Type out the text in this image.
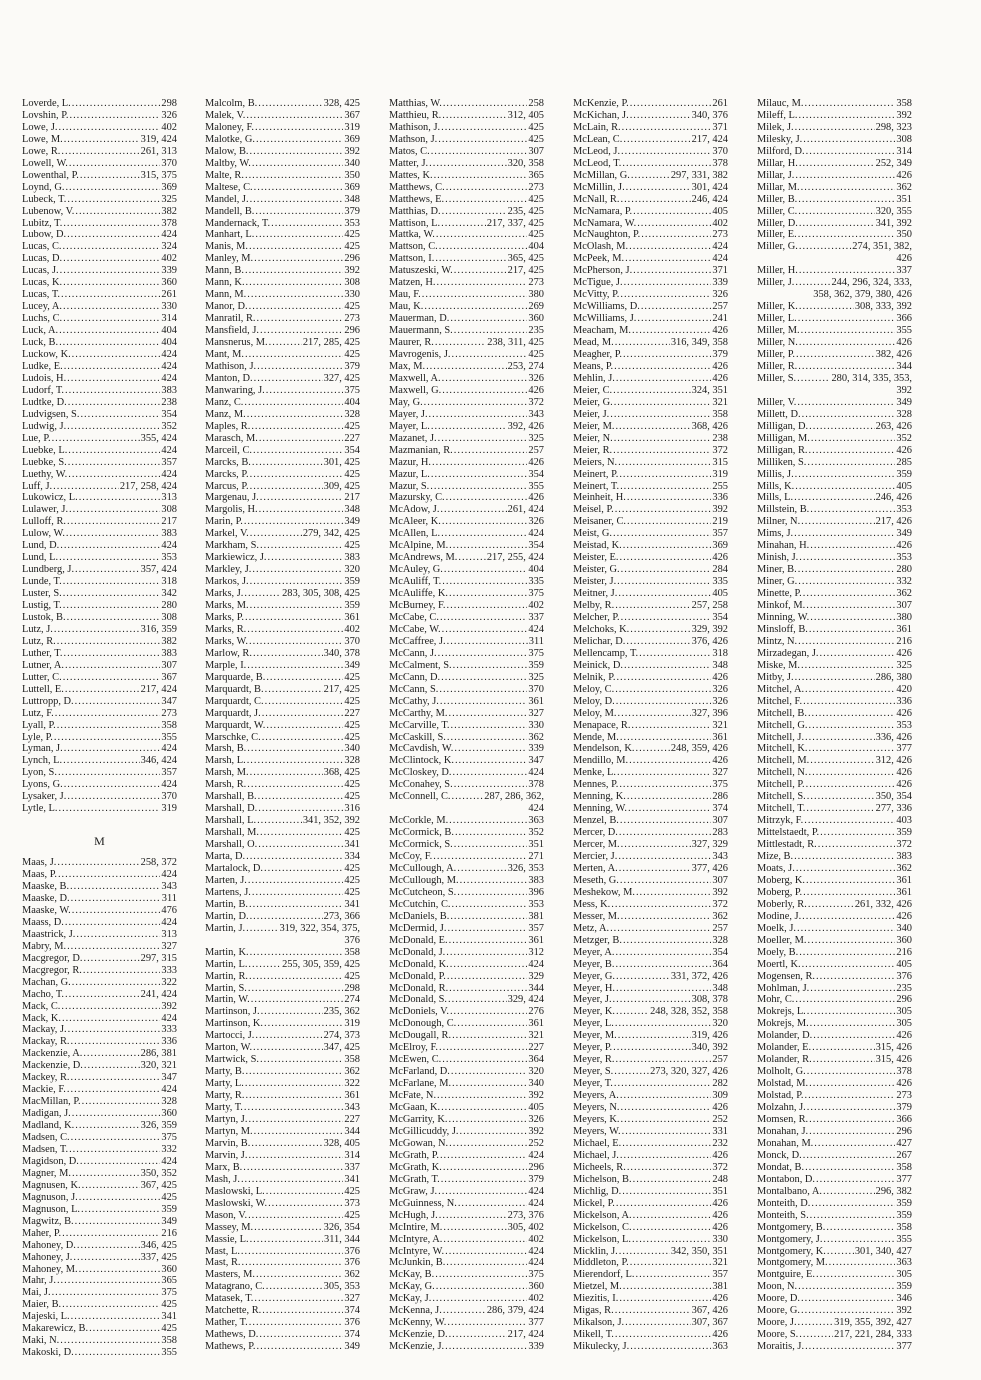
Loverde, L.
.....	298
Lovshin, P.
.....	326
Lowe, J.
.....	402
Lowe, M.
.....	319, 424
Lowe, R.
.....	261, 313
Lowell, W.
.....	370
Lowenthal, P.
.....	315, 375
Loynd, G.
.....	369
Lubeck, T.
.....	325
Lubenow, V.
.....	382
Lubitz, T.
.....	378
Lubow, D.
.....	424
Lucas, C.
.....	324
Lucas, D.
.....	402
Lucas, J.
.....	339
Lucas, K.
.....	360
Lucas, T.
.....	261
Lucey, A.
.....	330
Luchs, C.
.....	314
Luck, A.
.....	404
Luck, B.
.....	404
Luckow, K.
.....	424
Ludke, E.
.....	424
Ludois, H.
.....	424
Ludorf, T.
.....	383
Ludtke, D.
.....	238
Ludvigsen, S.
.....	354
Ludwig, J.
.....	352
Lue, P.
.....	355, 424
Luebke, L.
.....	424
Luebke, S.
.....	357
Luethy, W.
.....	424
Luff, J.
.....	217, 258, 424
Lukowicz, L.
.....	313
Lulawer, J.
.....	308
Lulloff, R.
.....	217
Lulow, W.
.....	383
Lund, D.
.....	424
Lund, L.
.....	353
Lundberg, J.
.....	357, 424
Lunde, T.
.....	318
Luster, S.
.....	342
Lustig, T.
.....	280
Lustok, B.
.....	308
Lutz, J.
.....	316, 359
Lutz, R.
.....	382
Luther, T.
.....	383
Lutner, A.
.....	307
Lutter, C.
.....	367
Luttell, E.
.....	217, 424
Luttropp, D.
.....	347
Lutz, F.
.....	273
Lyall, P.
.....	358
Lyle, P.
.....	355
Lyman, J.
.....	424
Lynch, L.
.....	346, 424
Lyon, S.
.....	357
Lyons, G.
.....	424
Lysaker, J.
.....	370
Lytle, L.
.....	319
M
Maas, J.
.....	258, 372
Maas, P.
.....	424
Maaske, B.
.....	343
Maaske, D.
.....	311
Maaske, W.
.....	476
Maass, D.
.....	424
Maastrick, J.
.....	313
Mabry, M.
.....	327
Macgregor, D.
.....	297, 315
Macgregor, R.
.....	333
Machan, G.
.....	322
Macho, T.
.....	241, 424
Mack, C.
.....	392
Mack, K.
.....	424
Mackay, J.
.....	333
Mackay, R.
.....	336
Mackenzie, A.
.....	286, 381
Mackenzie, D.
.....	320, 321
Mackey, R.
.....	347
Mackie, F.
.....	424
MacMillan, P.
.....	328
Madigan, J.
.....	360
Madland, K.
.....	326, 359
Madsen, C.
.....	375
Madsen, T.
.....	332
Magidson, D.
.....	424
Magner, M.
.....	350, 352
Magnusen, K.
.....	367, 425
Magnuson, J.
.....	425
Magnuson, L.
.....	359
Magwitz, B.
.....	349
Maher, P.
.....	216
Mahoney, D.
.....	346, 425
Mahoney, J.
.....	337, 425
Mahoney, M.
.....	360
Mahr, J.
.....	365
Mai, J.
.....	375
Maier, B.
.....	425
Majeski, L.
.....	341
Makarewicz, B.
.....	425
Maki, N.
.....	358
Makoski, D.
.....	355
Malcolm, B.
.....	328, 425
Malek, V.
.....	367
Maloney, F.
.....	319
Malotke, G.
.....	369
Malow, B.
.....	392
Maltby, W.
.....	340
Malte, R.
.....	350
Maltese, C.
.....	369
Mandel, J.
.....	348
Mandell, B.
.....	379
Mandernack, T.
.....	353
Manhart, L.
.....	425
Manis, M.
.....	425
Manley, M.
.....	296
Mann, B.
.....	392
Mann, K.
.....	308
Mann, M.
.....	330
Manor, D.
.....	425
Manratil, R.
.....	273
Mansfield, J.
.....	296
Mansnerus, M.
.....	217, 285, 425
Mant, M.
.....	425
Mathison, J.
.....	379
Manton, D.
.....	327, 425
Manwaring, J.
.....	375
Manz, C.
.....	404
Manz, M.
.....	328
Maples, R.
.....	425
Marasch, M.
.....	227
Marceil, C.
.....	354
Marcks, B.
.....	301, 425
Marcks, P.
.....	425
Marcus, P.
.....	309, 425
Margenau, J.
.....	217
Margolis, H.
.....	348
Marin, P.
.....	349
Markel, V.
.....	279, 342, 425
Markham, S.
.....	425
Markiewicz, J.
.....	383
Markley, J.
.....	320
Markos, J.
.....	359
Marks, J.
.....	283, 305, 308, 425
Marks, M.
.....	359
Marks, P.
.....	361
Marks, R.
.....	402
Marks, W.
.....	370
Marlow, R.
.....	340, 378
Marple, I.
.....	349
Marquarde, B.
.....	425
Marquardt, B.
.....	217, 425
Marquardt, C.
.....	425
Marquardt, J.
.....	227
Marquardt, W.
.....	425
Marschke, C.
.....	425
Marsh, B.
.....	340
Marsh, L.
.....	328
Marsh, M.
.....	368, 425
Marsh, R.
.....	425
Marshall, B.
.....	425
Marshall, D.
.....	316
Marshall, L.
.....	341, 352, 392
Marshall, M.
.....	425
Marshall, O.
.....	341
Marta, D.
.....	334
Martalock, D.
.....	425
Marten, J.
.....	425
Martens, J.
.....	425
Martin, B.
.....	341
Martin, D.
.....	273, 366
Martin, J.
.....	319, 322, 354, 375,
376
Martin, K.
.....	358
Martin, L.
.....	255, 305, 359, 425
Martin, R.
.....	425
Martin, S.
.....	298
Martin, W.
.....	274
Martinson, J.
.....	235, 362
Martinson, K.
.....	319
Martocci, J.
.....	274, 373
Marton, W.
.....	347, 425
Martwick, S.
.....	358
Marty, B.
.....	362
Marty, L.
.....	322
Marty, R.
.....	361
Marty, T.
.....	343
Martyn, J.
.....	227
Martyn, M.
.....	344
Marvin, B.
.....	328, 405
Marvin, J.
.....	314
Marx, B.
.....	337
Mash, J.
.....	341
Maslowski, L.
.....	425
Maslowski, W.
.....	373
Mason, V.
.....	425
Massey, M.
.....	326, 354
Massie, L.
.....	311, 344
Mast, L.
.....	376
Mast, R.
.....	376
Masters, M.
.....	362
Matagrano, C.
.....	305, 353
Matasek, T.
.....	327
Matchette, R.
.....	374
Mather, T.
.....	376
Mathews, D.
.....	374
Mathews, P.
.....	349
Matthias, W.
.....	258
Matthieu, R.
.....	312, 405
Mathison, J.
.....	425
Mathson, J.
.....	425
Matos, C.
.....	307
Matter, J.
.....	320, 358
Mattes, K.
.....	365
Matthews, C.
.....	273
Matthews, E.
.....	425
Matthias, D.
.....	235, 425
Mattison, L.
.....	217, 337, 425
Mattka, W.
.....	425
Mattson, C.
.....	404
Mattson, I.
.....	365, 425
Matuszeski, W.
.....	217, 425
Matzen, H.
.....	273
Mau, F.
.....	380
Mau, K.
.....	269
Mauerman, D.
.....	360
Mauermann, S.
.....	235
Maurer, R.
.....	238, 311, 425
Mavrogenis, J.
.....	425
Max, M.
.....	253, 274
Maxwell, A.
.....	326
Maxwell, G.
.....	426
May, G.
.....	372
Mayer, J.
.....	343
Mayer, L.
.....	392, 426
Mazanet, J.
.....	325
Mazmanian, R.
.....	257
Mazur, H.
.....	426
Mazur, L.
.....	354
Mazur, S.
.....	355
Mazursky, C.
.....	426
McAdow, J.
.....	261, 424
McAleer, K.
.....	326
McAllen, L.
.....	424
McAlpine, M.
.....	354
McAndrews, M.
.....	217, 255, 424
McAuley, G.
.....	404
McAuliff, T.
.....	335
McAuliffe, K.
.....	375
McBurney, F.
.....	402
McCabe, C.
.....	337
McCabe, W.
.....	424
McCaffree, J.
.....	311
McCann, J.
.....	375
McCalment, S.
.....	359
McCann, D.
.....	325
McCann, S.
.....	370
McCathy, J.
.....	361
McCarthy, M.
.....	327
McCarville, T.
.....	330
McCaskill, S.
.....	362
McCavdish, W.
.....	339
McClintock, K.
.....	347
McCloskey, D.
.....	424
McConahey, S.
.....	378
McConnell, C.
.....	287, 286, 362,
424
McCorkle, M.
.....	363
McCormick, B.
.....	352
McCormick, S.
.....	351
McCoy, F.
.....	271
McCullough, A.
.....	326, 353
McCullough, M.
.....	383
McCutcheon, S.
.....	396
McCutchin, C.
.....	353
McDaniels, B.
.....	381
McDermid, J.
.....	357
McDonald, E.
.....	361
McDonald, J.
.....	312
McDonald, K.
.....	424
McDonald, P.
.....	329
McDonald, R.
.....	344
McDonald, S.
.....	329, 424
McDoniels, V.
.....	276
McDonough, C.
.....	361
McDougall, R.
.....	321
McElroy, F.
.....	227
McEwen, C.
.....	364
McFarland, D.
.....	320
McFarlane, M.
.....	340
McFate, N.
.....	392
McGaan, K.
.....	405
McGarrity, K.
.....	326
McGillicuddy, J.
.....	392
McGowan, N.
.....	252
McGrath, P.
.....	424
McGrath, K.
.....	296
McGrath, T.
.....	379
McGraw, J.
.....	424
McGuinness, N.
.....	424
McHugh, J.
.....	273, 376
McIntire, M.
.....	305, 402
McIntyre, A.
.....	402
McIntyre, W.
.....	424
McJunkin, B.
.....	424
McKay, B.
.....	375
McKay, G.
.....	360
McKay, J.
.....	402
McKenna, J.
.....	286, 379, 424
McKenny, W.
.....	377
McKenzie, D.
.....	217, 424
McKenzie, J.
.....	339
McKenzie, P.
.....	261
McKichan, J.
.....	340, 376
McLain, R.
.....	371
McLean, C.
.....	217, 424
McLeod, J.
.....	370
McLeod, T.
.....	378
McMillan, G.
.....	297, 331, 382
McMillin, J.
.....	301, 424
McNall, R.
.....	246, 424
McNamara, P.
.....	405
McNamara, W.
.....	402
McNaughton, P.
.....	273
McOlash, M.
.....	424
McPeek, M.
.....	424
McPherson, J.
.....	371
McTigue, J.
.....	339
McVitty, P.
.....	326
McWilliams, D.
.....	257
McWilliams, J.
.....	241
Meacham, M.
.....	426
Mead, M.
.....	316, 349, 358
Meagher, P.
.....	379
Means, P.
.....	426
Mehlin, J.
.....	426
Meier, C.
.....	324, 351
Meier, G.
.....	321
Meier, J.
.....	358
Meier, M.
.....	368, 426
Meier, N.
.....	238
Meier, R.
.....	372
Meiers, N.
.....	315
Meinert, P.
.....	319
Meinert, T.
.....	255
Meinheit, H.
.....	336
Meisel, P.
.....	392
Meisaner, C.
.....	219
Meist, G.
.....	357
Meistad, K.
.....	369
Meister, E.
.....	426
Meister, G.
.....	284
Meister, J.
.....	335
Meitner, J.
.....	405
Melby, R.
.....	257, 258
Melcher, P.
.....	354
Melchoks, K.
.....	329, 392
Melichar, D.
.....	376, 426
Mellencamp, T.
.....	318
Meinick, D.
.....	348
Melnik, P.
.....	426
Meloy, C.
.....	326
Meloy, D.
.....	326
Meloy, M.
.....	327, 396
Menapace, R.
.....	321
Mende, M.
.....	361
Mendelson, K.
.....	248, 359, 426
Mendillo, M.
.....	426
Menke, L.
.....	327
Mennes, P.
.....	375
Menning, K.
.....	286
Menning, W.
.....	374
Menzel, B.
.....	307
Mercer, D.
.....	283
Mercer, M.
.....	327, 329
Mercier, J.
.....	343
Merten, A.
.....	377, 426
Meseth, G.
.....	307
Meshekow, M.
.....	392
Mess, K.
.....	372
Messer, M.
.....	362
Metz, A.
.....	257
Metzger, B.
.....	328
Meyer, A.
.....	354
Meyer, B.
.....	364
Meyer, G.
.....	331, 372, 426
Meyer, H.
.....	348
Meyer, J.
.....	308, 378
Meyer, K.
.....	248, 328, 352, 358
Meyer, L.
.....	320
Meyer, M.
.....	319, 426
Meyer, P.
.....	340, 392
Meyer, R.
.....	257
Meyer, S.
.....	273, 320, 327, 426
Meyer, T.
.....	282
Meyers, A.
.....	309
Meyers, N.
.....	426
Meyers, K.
.....	252
Meyers, W.
.....	331
Michael, E.
.....	232
Michael, J.
.....	426
Micheels, R.
.....	372
Michelson, B.
.....	248
Michlig, D.
.....	351
Mickel, P.
.....	426
Mickelson, A.
.....	426
Mickelson, C.
.....	426
Mickelson, L.
.....	330
Micklin, J.
.....	342, 350, 351
Middleton, P.
.....	321
Mierendorf, L.
.....	357
Mietzel, M.
.....	381
Miezitis, I.
.....	426
Migas, R.
.....	367, 426
Mikalson, J.
.....	307, 367
Mikell, T.
.....	426
Mikulecky, J.
.....	363
Milauc, M.
.....	358
Mileff, L.
.....	392
Milek, J.
.....	298, 323
Milesky, J.
.....	308
Milford, D.
.....	314
Millar, H.
.....	252, 349
Millar, J.
.....	426
Millar, M.
.....	362
Miller, B.
.....	351
Miller, C.
.....	320, 355
Miller, D.
.....	341, 392
Miller, E.
.....	350
Miller, G.
.....	274, 351, 382,
426
Miller, H.
.....	337
Miller, J.
.....	244, 296, 324, 333,
358, 362, 379, 380, 426
Miller, K.
.....	308, 333, 392
Miller, L.
.....	366
Miller, M.
.....	355
Miller, N.
.....	426
Miller, P.
.....	382, 426
Miller, R.
.....	344
Miller, S.
.....	280, 314, 335, 353,
392
Miller, V.
.....	349
Millett, D.
.....	328
Milligan, D.
.....	263, 426
Milligan, M.
.....	352
Milligan, R.
.....	426
Milliken, S.
.....	285
Millis, J.
.....	359
Mills, K.
.....	405
Mills, L.
.....	246, 426
Millstein, B.
.....	353
Milner, N.
.....	217, 426
Mims, J.
.....	349
Minahan, H.
.....	426
Minish, J.
.....	353
Miner, B.
.....	280
Miner, G.
.....	332
Minette, P.
.....	362
Minkof, M.
.....	307
Minning, W.
.....	380
Minsloff, B.
.....	361
Mintz, N.
.....	216
Mirzadegan, J.
.....	426
Miske, M.
.....	325
Mitby, J.
.....	286, 380
Mitchel, A.
.....	420
Mitchel, F.
.....	336
Mitchell, B.
.....	426
Mitchell, G.
.....	353
Mitchell, J.
.....	336, 426
Mitchell, K.
.....	377
Mitchell, M.
.....	312, 426
Mitchell, N.
.....	426
Mitchell, P.
.....	426
Mitchell, S.
.....	350, 354
Mitchell, T.
.....	277, 336
Mitrzyk, F.
.....	403
Mittelstaedt, P.
.....	359
Mittlestadt, R.
.....	372
Mize, B.
.....	383
Moats, J.
.....	362
Moberg, K.
.....	361
Moberg, P.
.....	361
Moberly, R.
.....	261, 332, 426
Modine, J.
.....	426
Moelk, J.
.....	340
Moeller, M.
.....	360
Moely, B.
.....	216
Moertl, K.
.....	405
Mogensen, R.
.....	376
Mohlman, J.
.....	235
Mohr, C.
.....	296
Mokrejs, L.
.....	305
Mokrejs, M.
.....	305
Molander, D.
.....	426
Molander, E.
.....	315, 426
Molander, R.
.....	315, 426
Molholt, G.
.....	378
Molstad, M.
.....	426
Molstad, P.
.....	273
Molzahn, J.
.....	379
Momsen, R.
.....	366
Monahan, J.
.....	296
Monahan, M.
.....	427
Monck, D.
.....	267
Mondat, B.
.....	358
Montabon, D.
.....	377
Montalbano, A.
.....	296, 382
Monteith, D.
.....	359
Monteith, S.
.....	359
Montgomery, B.
.....	358
Montgomery, J.
.....	355
Montgomery, K.
.....	301, 340, 427
Montgomery, M.
.....	363
Montguire, E.
.....	305
Moon, N.
.....	359
Moore, D.
.....	346
Moore, G.
.....	392
Moore, J.
.....	319, 355, 392, 427
Moore, S.
.....	217, 221, 284, 333
Moraitis, J.
.....	377
